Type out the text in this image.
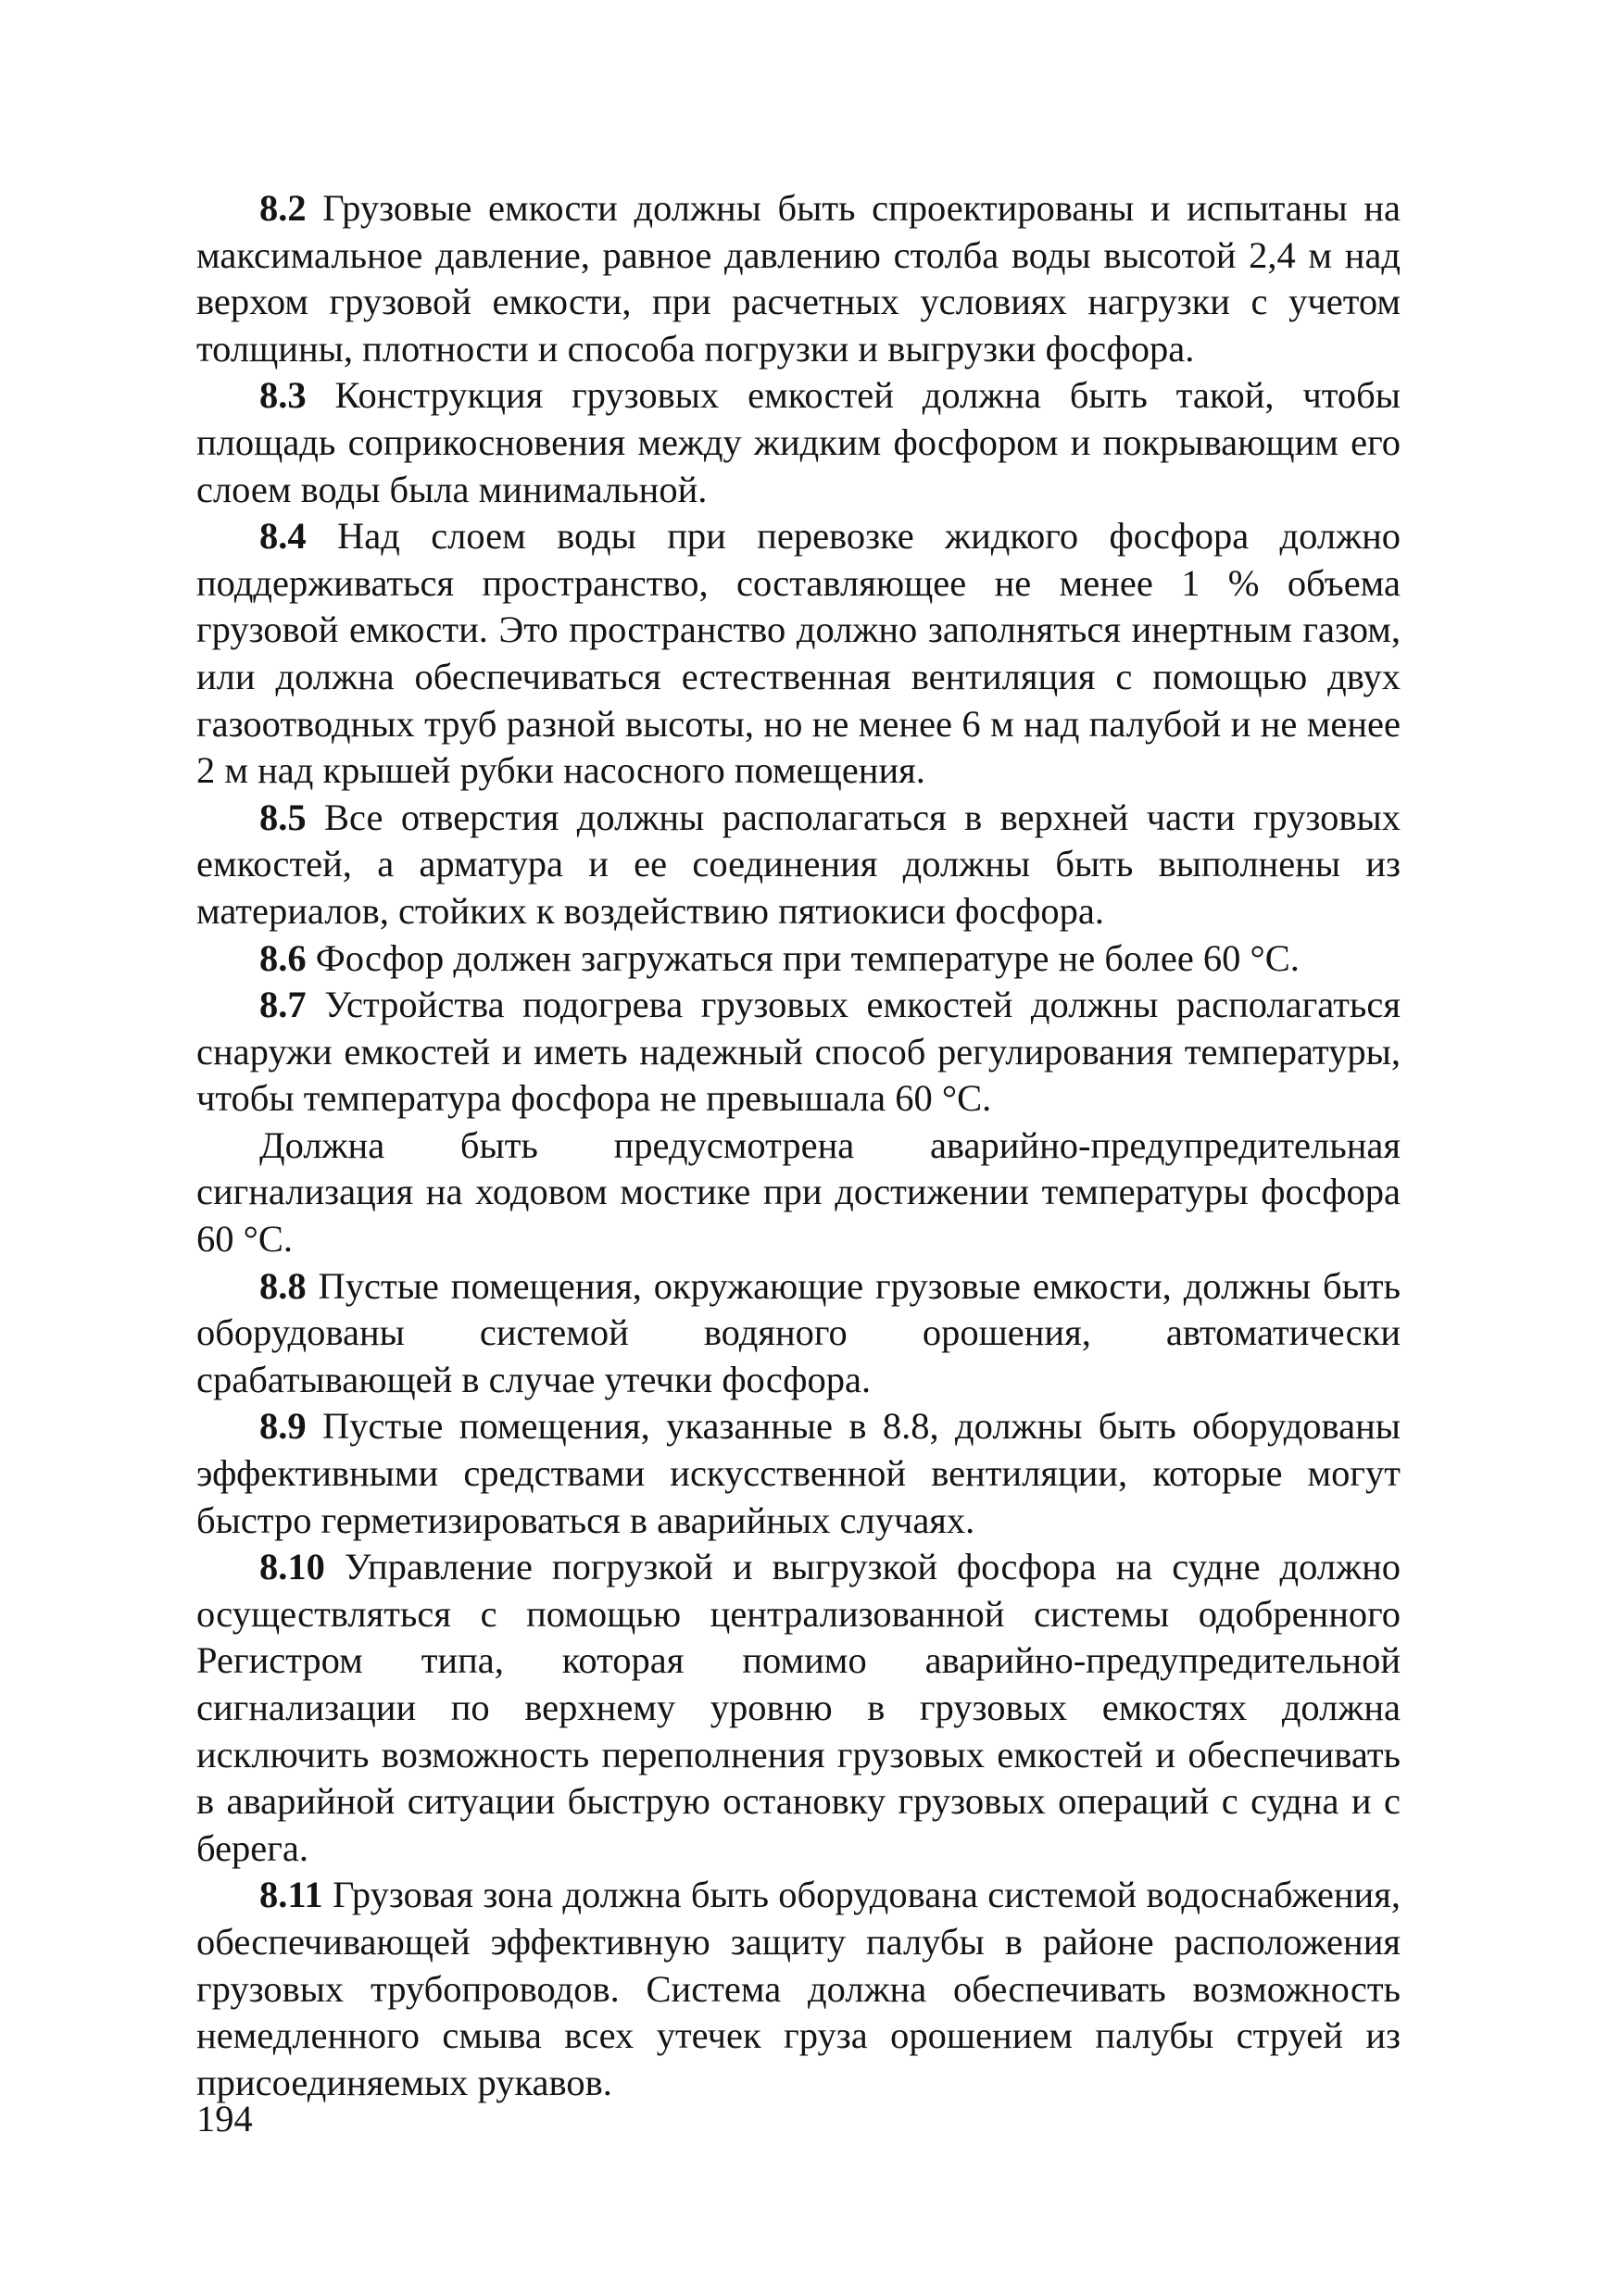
8.2 Грузовые емкости должны быть спроектированы и испытаны на максимальное давление, равное давлению столба воды высотой 2,4 м над верхом грузовой емкости, при расчетных условиях нагрузки с учетом толщины, плотности и способа погрузки и выгрузки фосфора.

8.3 Конструкция грузовых емкостей должна быть такой, чтобы площадь соприкосновения между жидким фосфором и покрывающим его слоем воды была минимальной.

8.4 Над слоем воды при перевозке жидкого фосфора должно поддерживаться пространство, составляющее не менее 1 % объема грузовой емкости. Это пространство должно заполняться инертным газом, или должна обеспечиваться естественная вентиляция с помощью двух газоотводных труб разной высоты, но не менее 6 м над палубой и не менее 2 м над крышей рубки насосного помещения.

8.5 Все отверстия должны располагаться в верхней части грузовых емкостей, а арматура и ее соединения должны быть выполнены из материалов, стойких к воздействию пятиокиси фосфора.

8.6 Фосфор должен загружаться при температуре не более 60 °С.

8.7 Устройства подогрева грузовых емкостей должны располагаться снаружи емкостей и иметь надежный способ регулирования температуры, чтобы температура фосфора не превышала 60 °С.

Должна быть предусмотрена аварийно-предупредительная сигнализация на ходовом мостике при достижении температуры фосфора 60 °С.

8.8 Пустые помещения, окружающие грузовые емкости, должны быть оборудованы системой водяного орошения, автоматически срабатывающей в случае утечки фосфора.

8.9 Пустые помещения, указанные в 8.8, должны быть оборудованы эффективными средствами искусственной вентиляции, которые могут быстро герметизироваться в аварийных случаях.

8.10 Управление погрузкой и выгрузкой фосфора на судне должно осуществляться с помощью централизованной системы одобренного Регистром типа, которая помимо аварийно-предупредительной сигнализации по верхнему уровню в грузовых емкостях должна исключить возможность переполнения грузовых емкостей и обеспечивать в аварийной ситуации быструю остановку грузовых операций с судна и с берега.

8.11 Грузовая зона должна быть оборудована системой водоснабжения, обеспечивающей эффективную защиту палубы в районе расположения грузовых трубопроводов. Система должна обеспечивать возможность немедленного смыва всех утечек груза орошением палубы струей из присоединяемых рукавов.

194
